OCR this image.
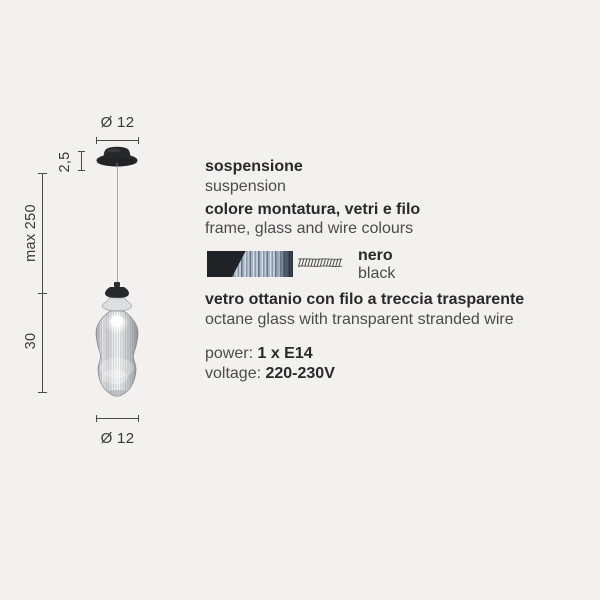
Ø 12
2,5
max 250
30
Ø 12
sospensione
suspension
colore montatura, vetri e filo
frame, glass and wire colours
nero
black
vetro ottanio con filo a treccia trasparente
octane glass with transparent stranded wire
power: 1 x E14
voltage: 220-230V
